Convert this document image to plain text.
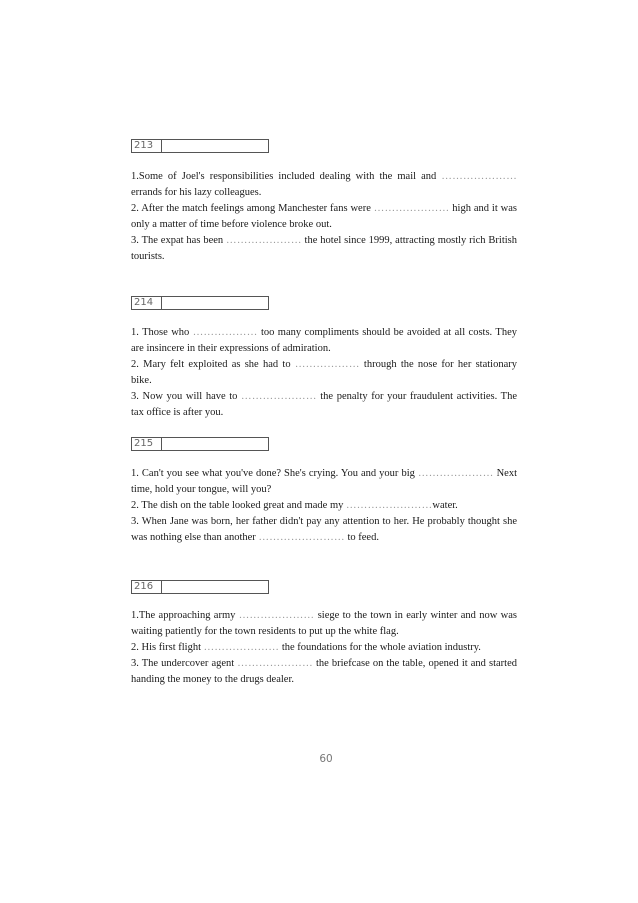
213

1.Some of Joel's responsibilities included dealing with the mail and ………………… errands for his lazy colleagues.

2. After the match feelings among Manchester fans were ………………… high and it was only a matter of time before violence broke out.

3. The expat has been ………………… the hotel since 1999, attracting mostly rich British tourists.

214

1. Those who ……………… too many compliments should be avoided at all costs. They are insincere in their expressions of admiration.

2. Mary felt exploited as she had to ……………… through the nose for her stationary bike.

3. Now you will have to ………………… the penalty for your fraudulent activities. The tax office is after you.

215

1. Can't you see what you've done? She's crying. You and your big ………………… Next time, hold your tongue, will you?

2. The dish on the table looked great and made my ……………………water.

3. When Jane was born, her father didn't pay any attention to her. He probably thought she was nothing else than another …………………… to feed.

216

1.The approaching army ………………… siege to the town in early winter and now was waiting patiently for the town residents to put up the white flag.

2. His first flight ………………… the foundations for the whole aviation industry.

3. The undercover agent ………………… the briefcase on the table, opened it and started handing the money to the drugs dealer.

60
